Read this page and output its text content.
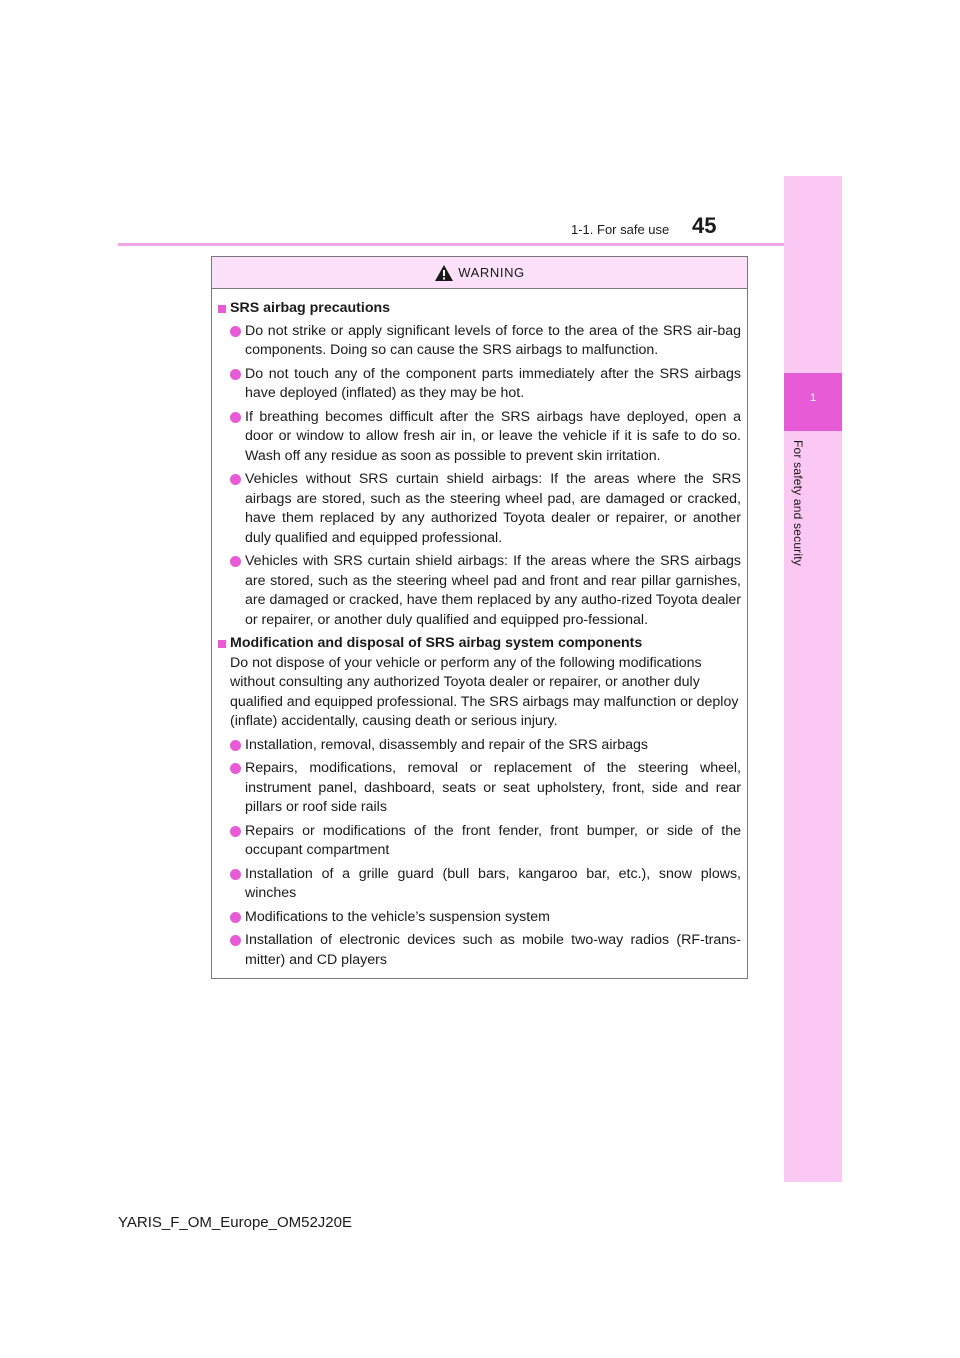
1-1. For safe use 45
1
For safety and security
WARNING
SRS airbag precautions
Do not strike or apply significant levels of force to the area of the SRS air-bag components. Doing so can cause the SRS airbags to malfunction.
Do not touch any of the component parts immediately after the SRS airbags have deployed (inflated) as they may be hot.
If breathing becomes difficult after the SRS airbags have deployed, open a door or window to allow fresh air in, or leave the vehicle if it is safe to do so. Wash off any residue as soon as possible to prevent skin irritation.
Vehicles without SRS curtain shield airbags: If the areas where the SRS airbags are stored, such as the steering wheel pad, are damaged or cracked, have them replaced by any authorized Toyota dealer or repairer, or another duly qualified and equipped professional.
Vehicles with SRS curtain shield airbags: If the areas where the SRS airbags are stored, such as the steering wheel pad and front and rear pillar garnishes, are damaged or cracked, have them replaced by any autho-rized Toyota dealer or repairer, or another duly qualified and equipped pro-fessional.
Modification and disposal of SRS airbag system components
Do not dispose of your vehicle or perform any of the following modifications without consulting any authorized Toyota dealer or repairer, or another duly qualified and equipped professional. The SRS airbags may malfunction or deploy (inflate) accidentally, causing death or serious injury.
Installation, removal, disassembly and repair of the SRS airbags
Repairs, modifications, removal or replacement of the steering wheel, instrument panel, dashboard, seats or seat upholstery, front, side and rear pillars or roof side rails
Repairs or modifications of the front fender, front bumper, or side of the occupant compartment
Installation of a grille guard (bull bars, kangaroo bar, etc.), snow plows, winches
Modifications to the vehicle’s suspension system
Installation of electronic devices such as mobile two-way radios (RF-trans-mitter) and CD players
YARIS_F_OM_Europe_OM52J20E
